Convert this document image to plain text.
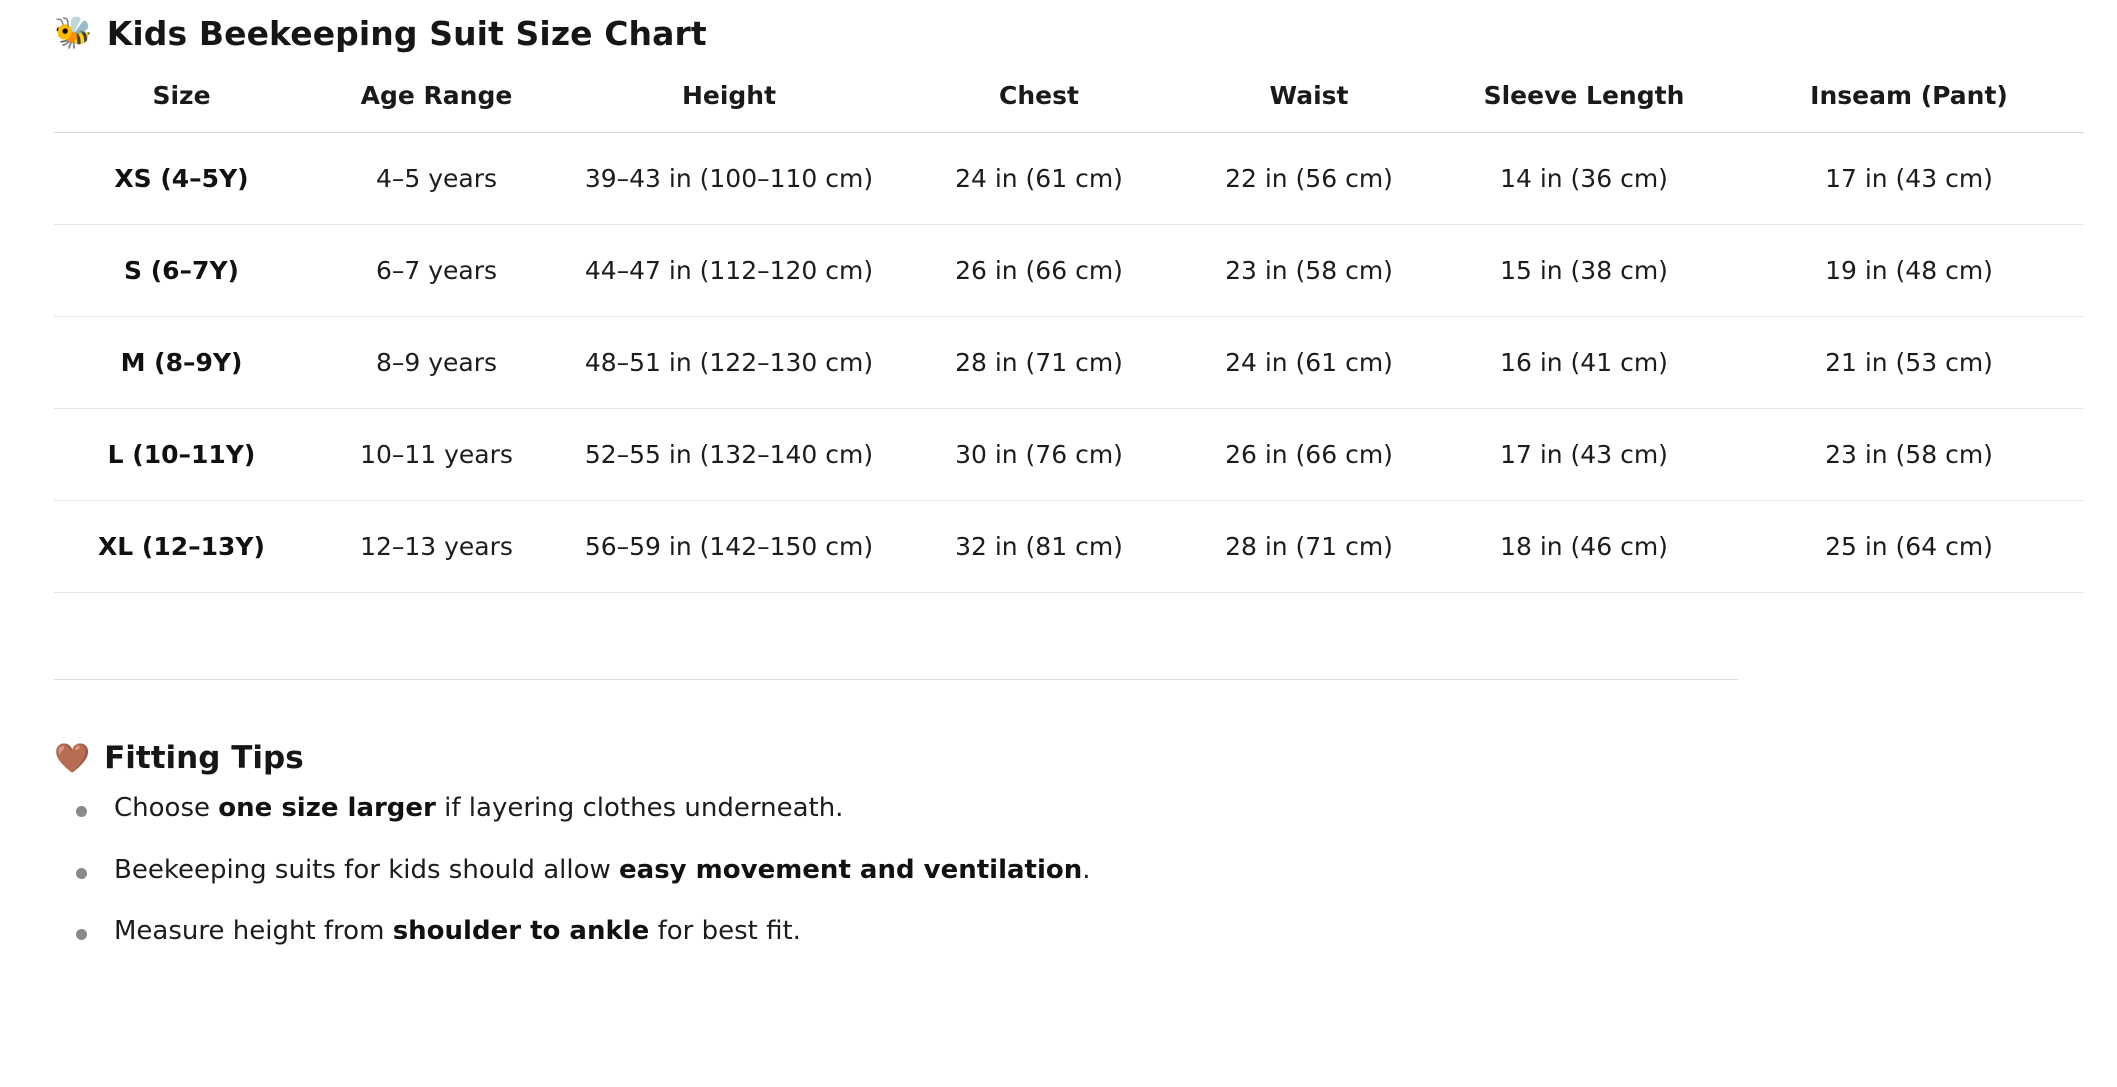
🐝 Kids Beekeeping Suit Size Chart
Size	Age Range	Height	Chest	Waist	Sleeve Length	Inseam (Pant)
XS (4–5Y)	4–5 years	39–43 in (100–110 cm)	24 in (61 cm)	22 in (56 cm)	14 in (36 cm)	17 in (43 cm)
S (6–7Y)	6–7 years	44–47 in (112–120 cm)	26 in (66 cm)	23 in (58 cm)	15 in (38 cm)	19 in (48 cm)
M (8–9Y)	8–9 years	48–51 in (122–130 cm)	28 in (71 cm)	24 in (61 cm)	16 in (41 cm)	21 in (53 cm)
L (10–11Y)	10–11 years	52–55 in (132–140 cm)	30 in (76 cm)	26 in (66 cm)	17 in (43 cm)	23 in (58 cm)
XL (12–13Y)	12–13 years	56–59 in (142–150 cm)	32 in (81 cm)	28 in (71 cm)	18 in (46 cm)	25 in (64 cm)
🤎 Fitting Tips
Choose one size larger if layering clothes underneath.
Beekeeping suits for kids should allow easy movement and ventilation.
Measure height from shoulder to ankle for best fit.
